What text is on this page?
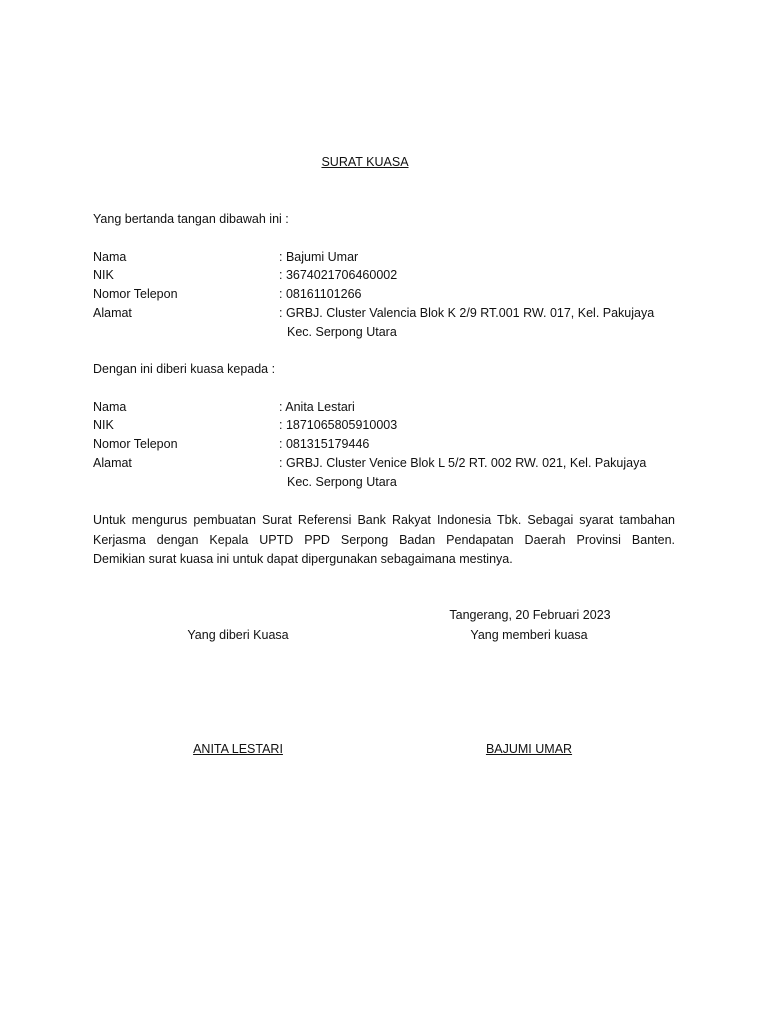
SURAT KUASA
Yang bertanda tangan dibawah ini :
Nama	: Bajumi Umar
NIK	: 3674021706460002
Nomor Telepon	: 08161101266
Alamat	: GRBJ. Cluster Valencia Blok K 2/9 RT.001 RW. 017, Kel. Pakujaya
Kec. Serpong Utara
Dengan ini diberi kuasa kepada :
Nama	: Anita Lestari
NIK	: 1871065805910003
Nomor Telepon	: 081315179446
Alamat	: GRBJ. Cluster Venice Blok L 5/2 RT. 002 RW. 021, Kel. Pakujaya
Kec. Serpong Utara

Untuk mengurus pembuatan Surat Referensi Bank Rakyat Indonesia Tbk. Sebagai syarat tambahan

Kerjasma dengan Kepala UPTD PPD Serpong Badan Pendapatan Daerah Provinsi Banten.

Demikian surat kuasa ini untuk dapat dipergunakan sebagaimana mestinya.

Tangerang, 20 Februari 2023
Yang diberi Kuasa	Yang memberi kuasa
ANITA LESTARI	BAJUMI UMAR
